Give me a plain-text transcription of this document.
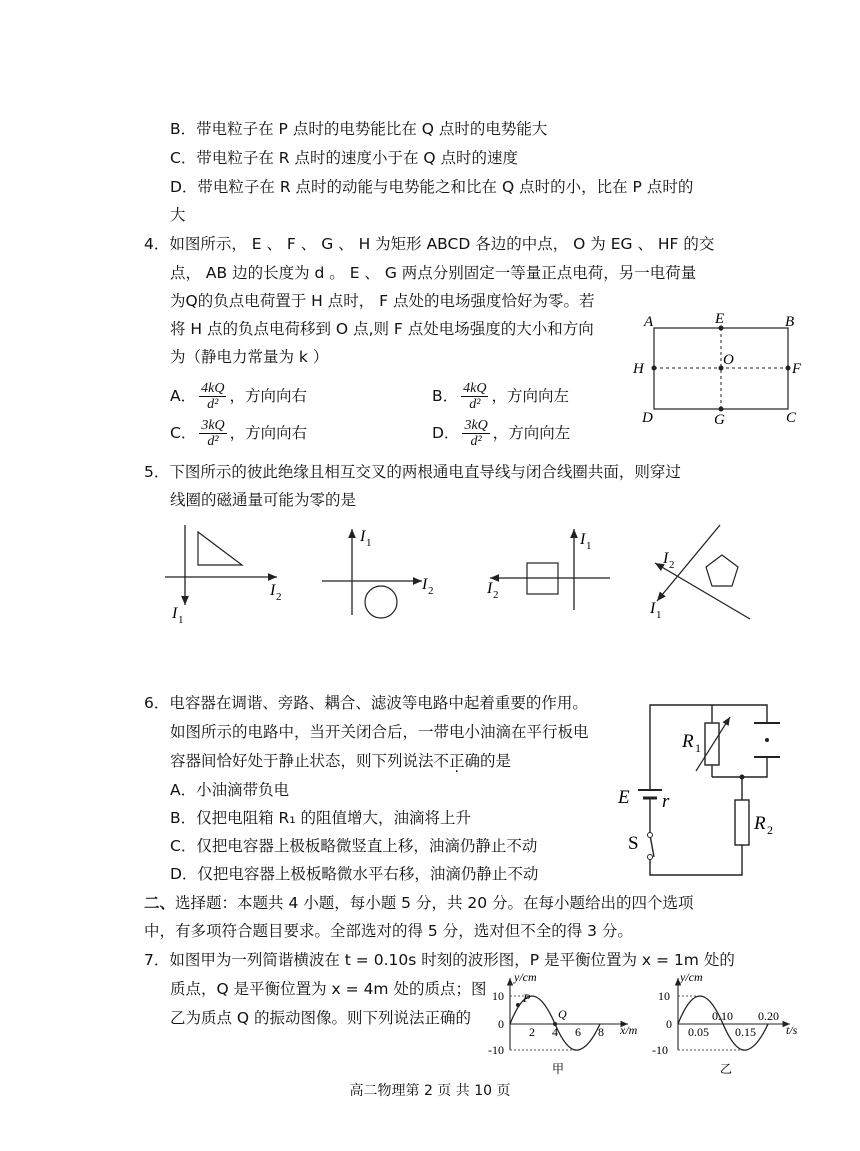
B．带电粒子在 P 点时的电势能比在 Q 点时的电势能大
C．带电粒子在 R 点时的速度小于在 Q 点时的速度
D．带电粒子在 R 点时的动能与电势能之和比在 Q 点时的小，比在 P 点时的
大
4．如图所示， E 、 F 、 G 、 H 为矩形 ABCD 各边的中点， O 为 EG 、 HF 的交
点， AB 边的长度为 d 。 E 、 G 两点分别固定一等量正点电荷，另一电荷量
为Q的负点电荷置于 H 点时， F 点处的电场强度恰好为零。若
将 H 点的负点电荷移到 O 点,则 F 点处电场强度的大小和方向
为（静电力常量为 k ）
A． $\frac{4kQ}{\text{d²}}$ ，方向向右	B． $\frac{4kQ}{\text{d²}}$ ，方向向左
C． $\frac{3kQ}{\text{d²}}$ ，方向向右	D． $\frac{3kQ}{\text{d²}}$ ，方向向左
A	E	B
H
O
F
D	G	C
5．下图所示的彼此绝缘且相互交叉的两根通电直导线与闭合线圈共面，则穿过
线圈的磁通量可能为零的是
I 1
I 2
I 1
I 2
I 1
I 2
I 2
I 1
6．电容器在调谐、旁路、耦合、滤波等电路中起着重要的作用。
如图所示的电路中，当开关闭合后，一带电小油滴在平行板电
容器间恰好处于静止状态，则下列说法不正确的是
A．小油滴带负电
B．仅把电阻箱 R₁ 的阻值增大，油滴将上升
C．仅把电容器上极板略微竖直上移，油滴仍静止不动
D．仅把电容器上极板略微水平右移，油滴仍静止不动
R 1
R 2
E r
S
二、选择题：本题共 4 小题，每小题 5 分，共 20 分。在每小题给出的四个选项
中，有多项符合题目要求。全部选对的得 5 分，选对但不全的得 3 分。
7．如图甲为一列简谐横波在 t = 0.10s 时刻的波形图，P 是平衡位置为 x = 1m 处的
质点，Q 是平衡位置为 x = 4m 处的质点；图
乙为质点 Q 的振动图像。则下列说法正确的
y/cm
x/m
P
Q
10
0
-10
2 4 6 8
甲
y/cm
t/s
10
0
-10
0.05
0.10
0.15
0.20
乙
高二物理第 2 页 共 10 页
